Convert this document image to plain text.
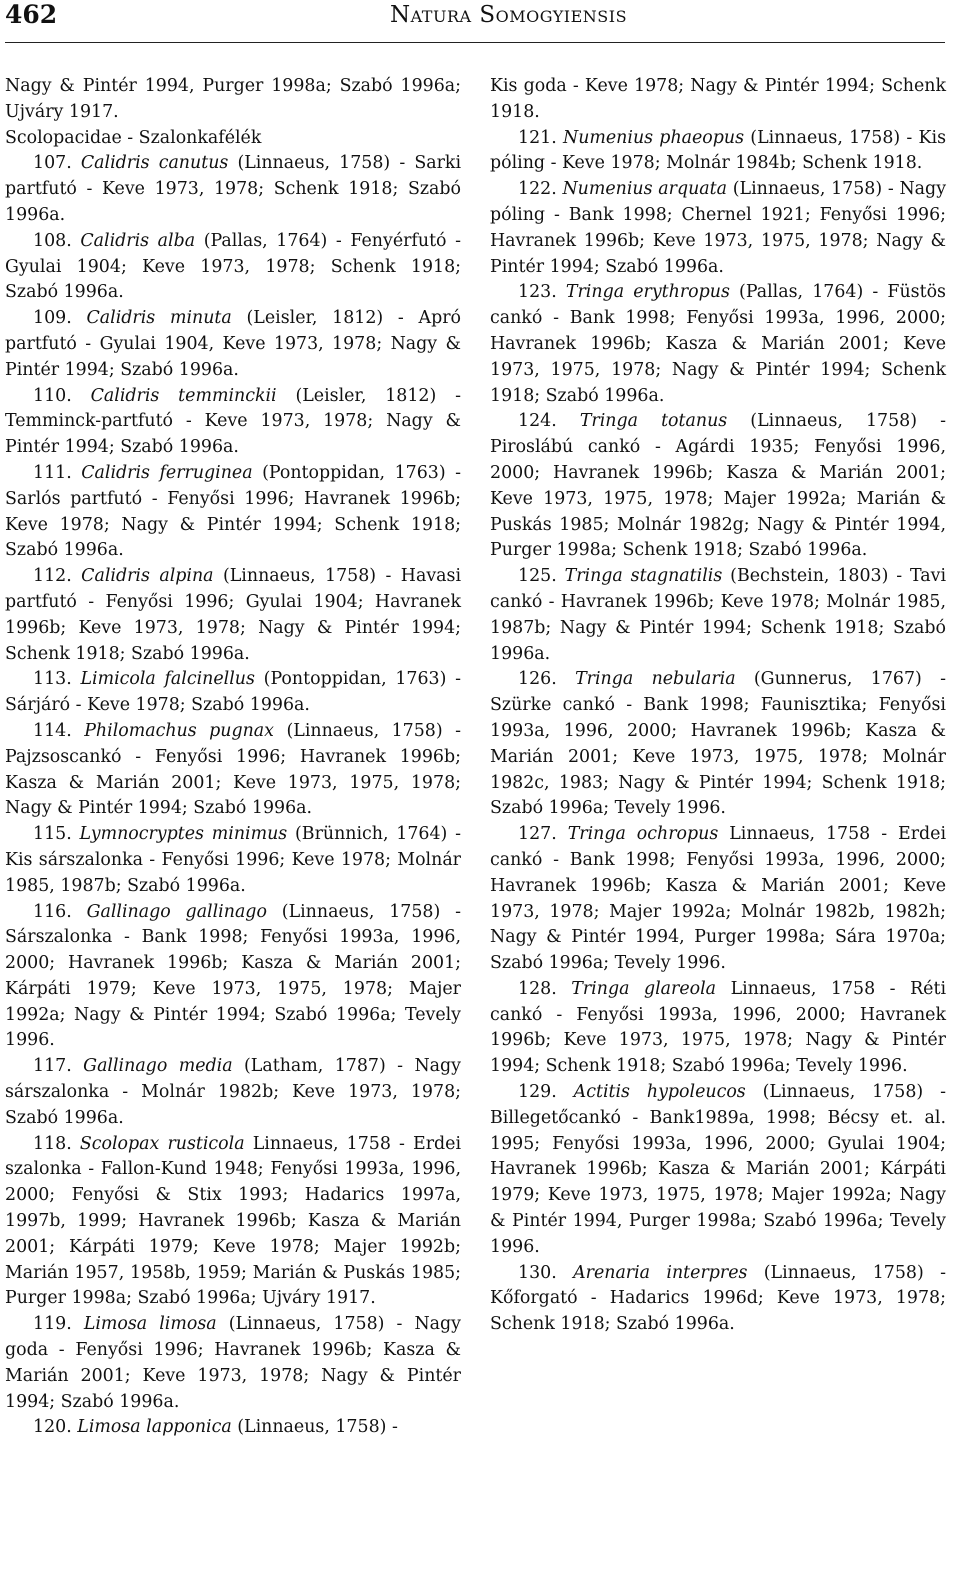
462	Natura Somogyiensis

Nagy & Pintér 1994, Purger 1998a; Szabó 1996a; Ujváry 1917.

Scolopacidae - Szalonkafélék

107. Calidris canutus (Linnaeus, 1758) - Sarki partfutó - Keve 1973, 1978; Schenk 1918; Szabó 1996a.

108. Calidris alba (Pallas, 1764) - Fenyérfutó - Gyulai 1904; Keve 1973, 1978; Schenk 1918; Szabó 1996a.

109. Calidris minuta (Leisler, 1812) - Apró partfutó - Gyulai 1904, Keve 1973, 1978; Nagy & Pintér 1994; Szabó 1996a.

110. Calidris temminckii (Leisler, 1812) - Temminck-partfutó - Keve 1973, 1978; Nagy & Pintér 1994; Szabó 1996a.

111. Calidris ferruginea (Pontoppidan, 1763) - Sarlós partfutó - Fenyősi 1996; Havranek 1996b; Keve 1978; Nagy & Pintér 1994; Schenk 1918; Szabó 1996a.

112. Calidris alpina (Linnaeus, 1758) - Havasi partfutó - Fenyősi 1996; Gyulai 1904; Havranek 1996b; Keve 1973, 1978; Nagy & Pintér 1994; Schenk 1918; Szabó 1996a.

113. Limicola falcinellus (Pontoppidan, 1763) - Sárjáró - Keve 1978; Szabó 1996a.

114. Philomachus pugnax (Linnaeus, 1758) - Pajzsoscankó - Fenyősi 1996; Havranek 1996b; Kasza & Marián 2001; Keve 1973, 1975, 1978; Nagy & Pintér 1994; Szabó 1996a.

115. Lymnocryptes minimus (Brünnich, 1764) - Kis sárszalonka - Fenyősi 1996; Keve 1978; Molnár 1985, 1987b; Szabó 1996a.

116. Gallinago gallinago (Linnaeus, 1758) - Sárszalonka - Bank 1998; Fenyősi 1993a, 1996, 2000; Havranek 1996b; Kasza & Marián 2001; Kárpáti 1979; Keve 1973, 1975, 1978; Majer 1992a; Nagy & Pintér 1994; Szabó 1996a; Tevely 1996.

117. Gallinago media (Latham, 1787) - Nagy sárszalonka - Molnár 1982b; Keve 1973, 1978; Szabó 1996a.

118. Scolopax rusticola Linnaeus, 1758 - Erdei szalonka - Fallon-Kund 1948; Fenyősi 1993a, 1996, 2000; Fenyősi & Stix 1993; Hadarics 1997a, 1997b, 1999; Havranek 1996b; Kasza & Marián 2001; Kárpáti 1979; Keve 1978; Majer 1992b; Marián 1957, 1958b, 1959; Marián & Puskás 1985; Purger 1998a; Szabó 1996a; Ujváry 1917.

119. Limosa limosa (Linnaeus, 1758) - Nagy goda - Fenyősi 1996; Havranek 1996b; Kasza & Marián 2001; Keve 1973, 1978; Nagy & Pintér 1994; Szabó 1996a.

120. Limosa lapponica (Linnaeus, 1758) -

Kis goda - Keve 1978; Nagy & Pintér 1994; Schenk 1918.

121. Numenius phaeopus (Linnaeus, 1758) - Kis póling - Keve 1978; Molnár 1984b; Schenk 1918.

122. Numenius arquata (Linnaeus, 1758) - Nagy póling - Bank 1998; Chernel 1921; Fenyősi 1996; Havranek 1996b; Keve 1973, 1975, 1978; Nagy & Pintér 1994; Szabó 1996a.

123. Tringa erythropus (Pallas, 1764) - Füstös cankó - Bank 1998; Fenyősi 1993a, 1996, 2000; Havranek 1996b; Kasza & Marián 2001; Keve 1973, 1975, 1978; Nagy & Pintér 1994; Schenk 1918; Szabó 1996a.

124. Tringa totanus (Linnaeus, 1758) - Piroslábú cankó - Agárdi 1935; Fenyősi 1996, 2000; Havranek 1996b; Kasza & Marián 2001; Keve 1973, 1975, 1978; Majer 1992a; Marián & Puskás 1985; Molnár 1982g; Nagy & Pintér 1994, Purger 1998a; Schenk 1918; Szabó 1996a.

125. Tringa stagnatilis (Bechstein, 1803) - Tavi cankó - Havranek 1996b; Keve 1978; Molnár 1985, 1987b; Nagy & Pintér 1994; Schenk 1918; Szabó 1996a.

126. Tringa nebularia (Gunnerus, 1767) - Szürke cankó - Bank 1998; Faunisztika; Fenyősi 1993a, 1996, 2000; Havranek 1996b; Kasza & Marián 2001; Keve 1973, 1975, 1978; Molnár 1982c, 1983; Nagy & Pintér 1994; Schenk 1918; Szabó 1996a; Tevely 1996.

127. Tringa ochropus Linnaeus, 1758 - Erdei cankó - Bank 1998; Fenyősi 1993a, 1996, 2000; Havranek 1996b; Kasza & Marián 2001; Keve 1973, 1978; Majer 1992a; Molnár 1982b, 1982h; Nagy & Pintér 1994, Purger 1998a; Sára 1970a; Szabó 1996a; Tevely 1996.

128. Tringa glareola Linnaeus, 1758 - Réti cankó - Fenyősi 1993a, 1996, 2000; Havranek 1996b; Keve 1973, 1975, 1978; Nagy & Pintér 1994; Schenk 1918; Szabó 1996a; Tevely 1996.

129. Actitis hypoleucos (Linnaeus, 1758) - Billegetőcankó - Bank1989a, 1998; Bécsy et. al. 1995; Fenyősi 1993a, 1996, 2000; Gyulai 1904; Havranek 1996b; Kasza & Marián 2001; Kárpáti 1979; Keve 1973, 1975, 1978; Majer 1992a; Nagy & Pintér 1994, Purger 1998a; Szabó 1996a; Tevely 1996.

130. Arenaria interpres (Linnaeus, 1758) - Kőforgató - Hadarics 1996d; Keve 1973, 1978; Schenk 1918; Szabó 1996a.
